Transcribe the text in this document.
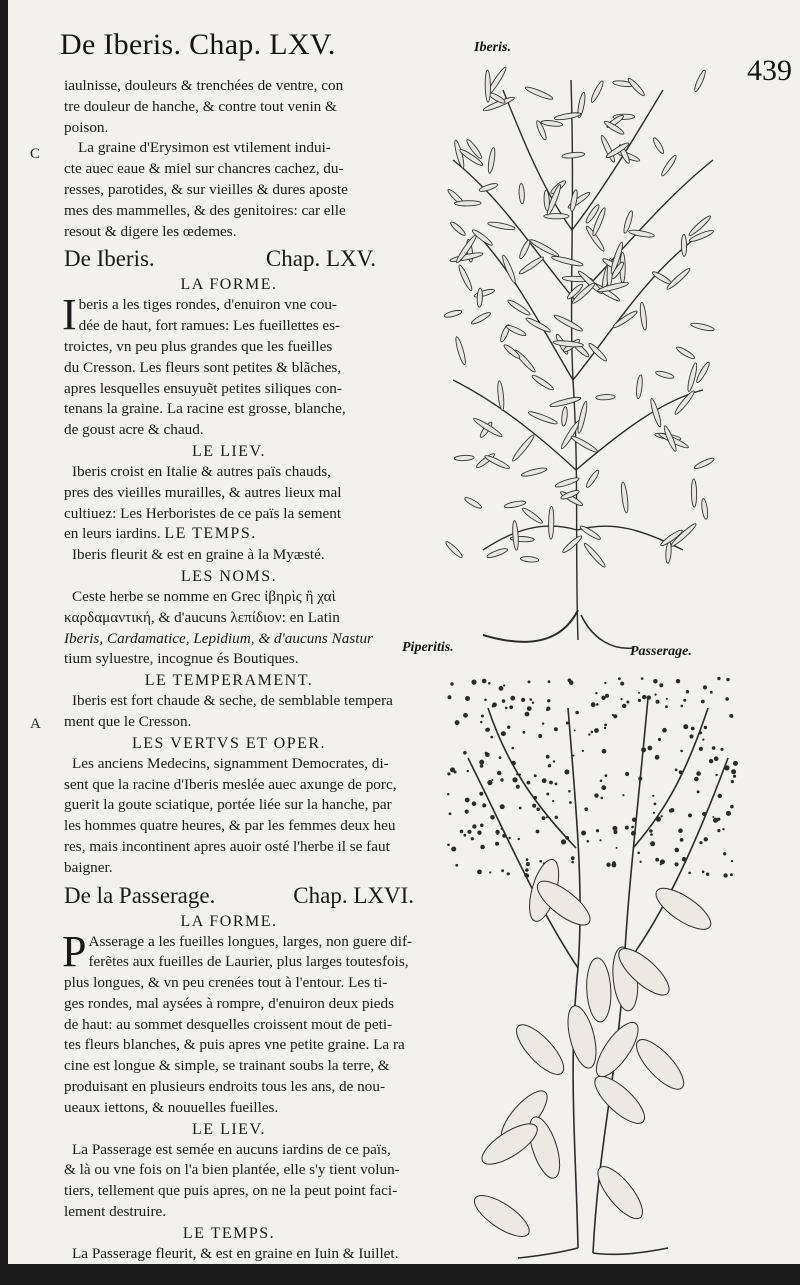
·
De Iberis. Chap. LXV.	Iberis.
439
C
A

iaulnisse, douleurs & trenchées de ventre, con

tre douleur de hanche, & contre tout venin &

poison.

La graine d'Erysimon est vtilement indui-

cte auec eaue & miel sur chancres cachez, du-

resses, parotides, & sur vieilles & dures aposte

mes des mammelles, & des genitoires: car elle

resout & digere les œdemes.

De Iberis.	Chap. LXV.
LA FORME.

Iberis a les tiges rondes, d'enuiron vne cou-

dée de haut, fort ramues: Les fueillettes es-

troictes, vn peu plus grandes que les fueilles

du Cresson. Les fleurs sont petites & blãches,

apres lesquelles ensuyuẽt petites siliques con-

tenans la graine. La racine est grosse, blanche,

de goust acre & chaud.

LE LIEV.

Iberis croist en Italie & autres païs chauds,

pres des vieilles murailles, & autres lieux mal

cultiuez: Les Herboristes de ce païs la sement

en leurs iardins. LE TEMPS.

Iberis fleurit & est en graine à la Myæsté.

LES NOMS.

Ceste herbe se nomme en Grec ἰβηρὶς ἢ χαὶ

καρδαμαντική, & d'aucuns λεπίδιον: en Latin

Iberis, Cardamatice, Lepidium, & d'aucuns Nastur

tium syluestre, incognue és Boutiques.

LE TEMPERAMENT.

Iberis est fort chaude & seche, de semblable tempera

ment que le Cresson.

LES VERTVS ET OPER.

Les anciens Medecins, signamment Democrates, di-

sent que la racine d'Iberis meslée auec axunge de porc,

guerit la goute sciatique, portée liée sur la hanche, par

les hommes quatre heures, & par les femmes deux heu

res, mais incontinent apres auoir osté l'herbe il se faut

baigner.

De la Passerage.	Chap. LXVI.
LA FORME.

P Asserage a les fueilles longues, larges, non guere dif-

ferẽtes aux fueilles de Laurier, plus larges toutesfois,

plus longues, & vn peu crenées tout à l'entour. Les ti-

ges rondes, mal aysées à rompre, d'enuiron deux pieds

de haut: au sommet desquelles croissent mout de peti-

tes fleurs blanches, & puis apres vne petite graine. La ra

cine est longue & simple, se trainant soubs la terre, &

produisant en plusieurs endroits tous les ans, de nou-

ueaux iettons, & nouuelles fueilles.

LE LIEV.

La Passerage est semée en aucuns iardins de ce païs,

& là ou vne fois on l'a bien plantée, elle s'y tient volun-

tiers, tellement que puis apres, on ne la peut point faci-

lement destruire.

LE TEMPS.

La Passerage fleurit, & est en graine en Iuin & Iuillet.

Les

Piperitis.	Passerage.
